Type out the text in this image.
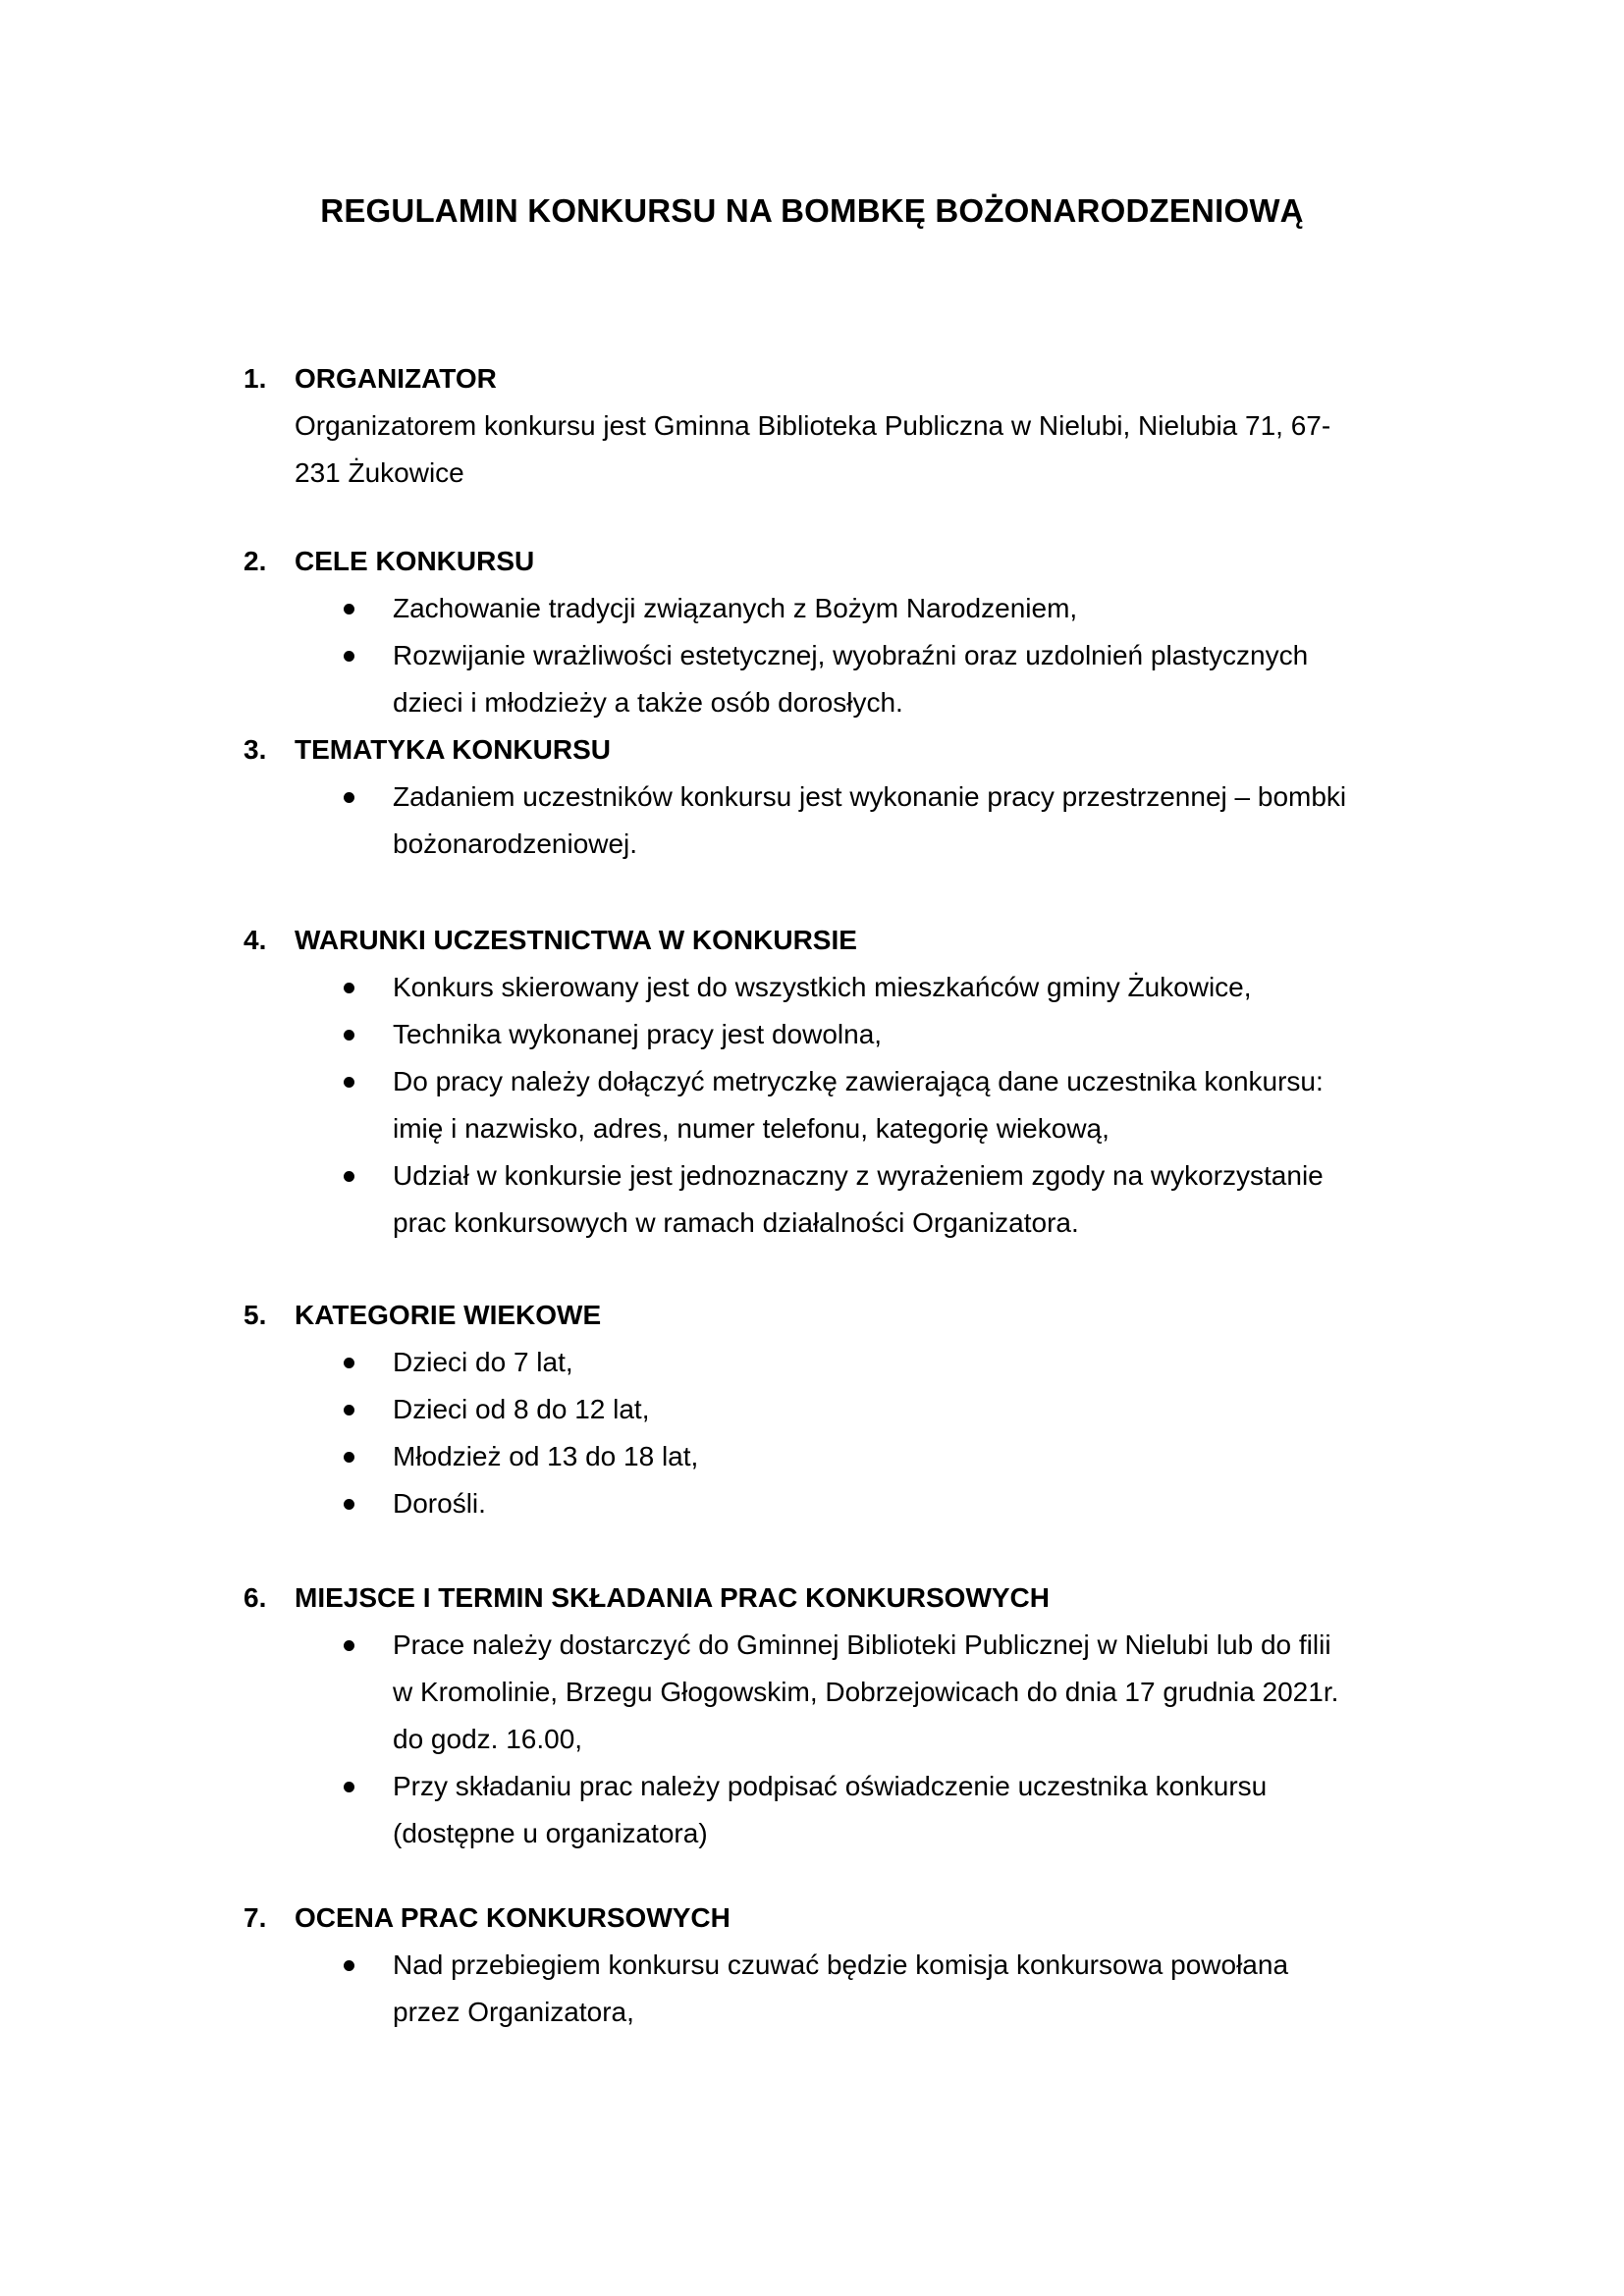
REGULAMIN KONKURSU NA BOMBKĘ BOŻONARODZENIOWĄ
1.	ORGANIZATOR
Organizatorem konkursu jest Gminna Biblioteka Publiczna w Nielubi, Nielubia 71, 67-
231 Żukowice
2.	CELE KONKURSU
Zachowanie tradycji związanych z Bożym Narodzeniem,
Rozwijanie wrażliwości estetycznej, wyobraźni oraz uzdolnień plastycznych
dzieci i młodzieży a także osób dorosłych.
3.	TEMATYKA KONKURSU
Zadaniem uczestników konkursu jest wykonanie pracy przestrzennej – bombki
bożonarodzeniowej.
4.	WARUNKI UCZESTNICTWA W KONKURSIE
Konkurs skierowany jest do wszystkich mieszkańców gminy Żukowice,
Technika wykonanej pracy jest dowolna,
Do pracy należy dołączyć metryczkę zawierającą dane uczestnika konkursu:
imię i nazwisko, adres, numer telefonu, kategorię wiekową,
Udział w konkursie jest jednoznaczny z wyrażeniem zgody na wykorzystanie
prac konkursowych w ramach działalności Organizatora.
5.	KATEGORIE WIEKOWE
Dzieci do 7 lat,
Dzieci od 8 do 12 lat,
Młodzież od 13 do 18 lat,
Dorośli.
6.	MIEJSCE I TERMIN SKŁADANIA PRAC KONKURSOWYCH
Prace należy dostarczyć do Gminnej Biblioteki Publicznej w Nielubi lub do filii
w Kromolinie, Brzegu Głogowskim, Dobrzejowicach do dnia 17 grudnia 2021r.
do godz. 16.00,
Przy składaniu prac należy podpisać oświadczenie uczestnika konkursu
(dostępne u organizatora)
7.	OCENA PRAC KONKURSOWYCH
Nad przebiegiem konkursu czuwać będzie komisja konkursowa powołana
przez Organizatora,
